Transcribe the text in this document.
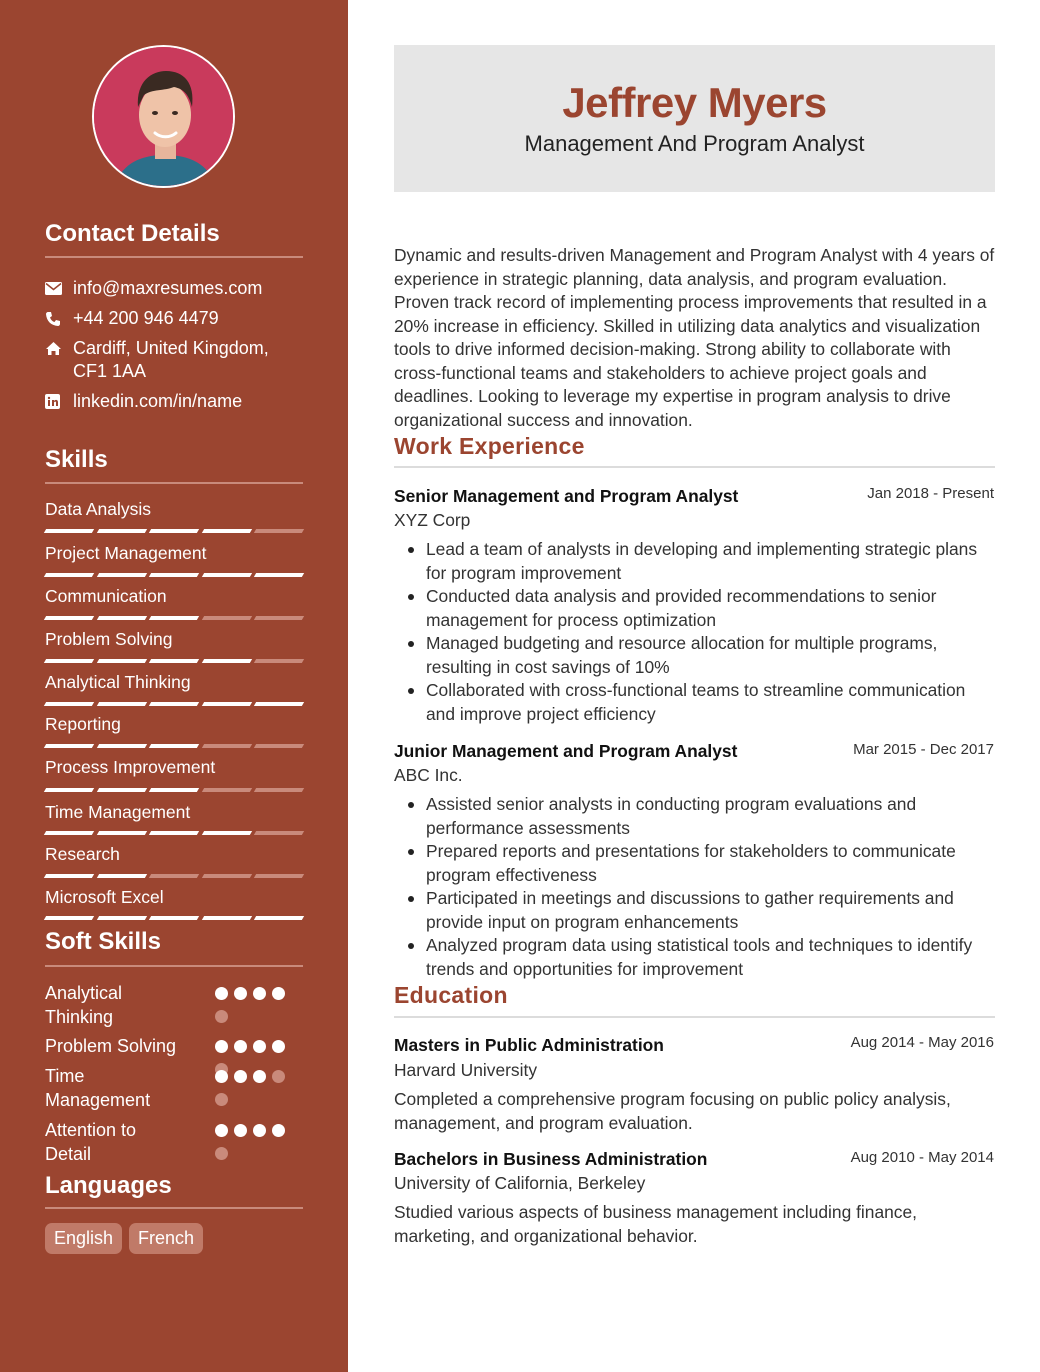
Contact Details
info@maxresumes.com
+44 200 946 4479
Cardiff, United Kingdom, CF1 1AA
linkedin.com/in/name
Skills
Data Analysis
Project Management
Communication
Problem Solving
Analytical Thinking
Reporting
Process Improvement
Time Management
Research
Microsoft Excel
Soft Skills
Analytical Thinking
Problem Solving
Time Management
Attention to Detail
Languages
English	French
Jeffrey Myers
Management And Program Analyst
Dynamic and results-driven Management and Program Analyst with 4 years of experience in strategic planning, data analysis, and program evaluation. Proven track record of implementing process improvements that resulted in a 20% increase in efficiency. Skilled in utilizing data analytics and visualization tools to drive informed decision-making. Strong ability to collaborate with cross-functional teams and stakeholders to achieve project goals and deadlines. Looking to leverage my expertise in program analysis to drive organizational success and innovation.
Work Experience
Senior Management and Program Analyst	Jan 2018 - Present
XYZ Corp
Lead a team of analysts in developing and implementing strategic plans for program improvement
Conducted data analysis and provided recommendations to senior management for process optimization
Managed budgeting and resource allocation for multiple programs, resulting in cost savings of 10%
Collaborated with cross-functional teams to streamline communication and improve project efficiency
Junior Management and Program Analyst	Mar 2015 - Dec 2017
ABC Inc.
Assisted senior analysts in conducting program evaluations and performance assessments
Prepared reports and presentations for stakeholders to communicate program effectiveness
Participated in meetings and discussions to gather requirements and provide input on program enhancements
Analyzed program data using statistical tools and techniques to identify trends and opportunities for improvement
Education
Masters in Public Administration	Aug 2014 - May 2016
Harvard University
Completed a comprehensive program focusing on public policy analysis, management, and program evaluation.
Bachelors in Business Administration	Aug 2010 - May 2014
University of California, Berkeley
Studied various aspects of business management including finance, marketing, and organizational behavior.
